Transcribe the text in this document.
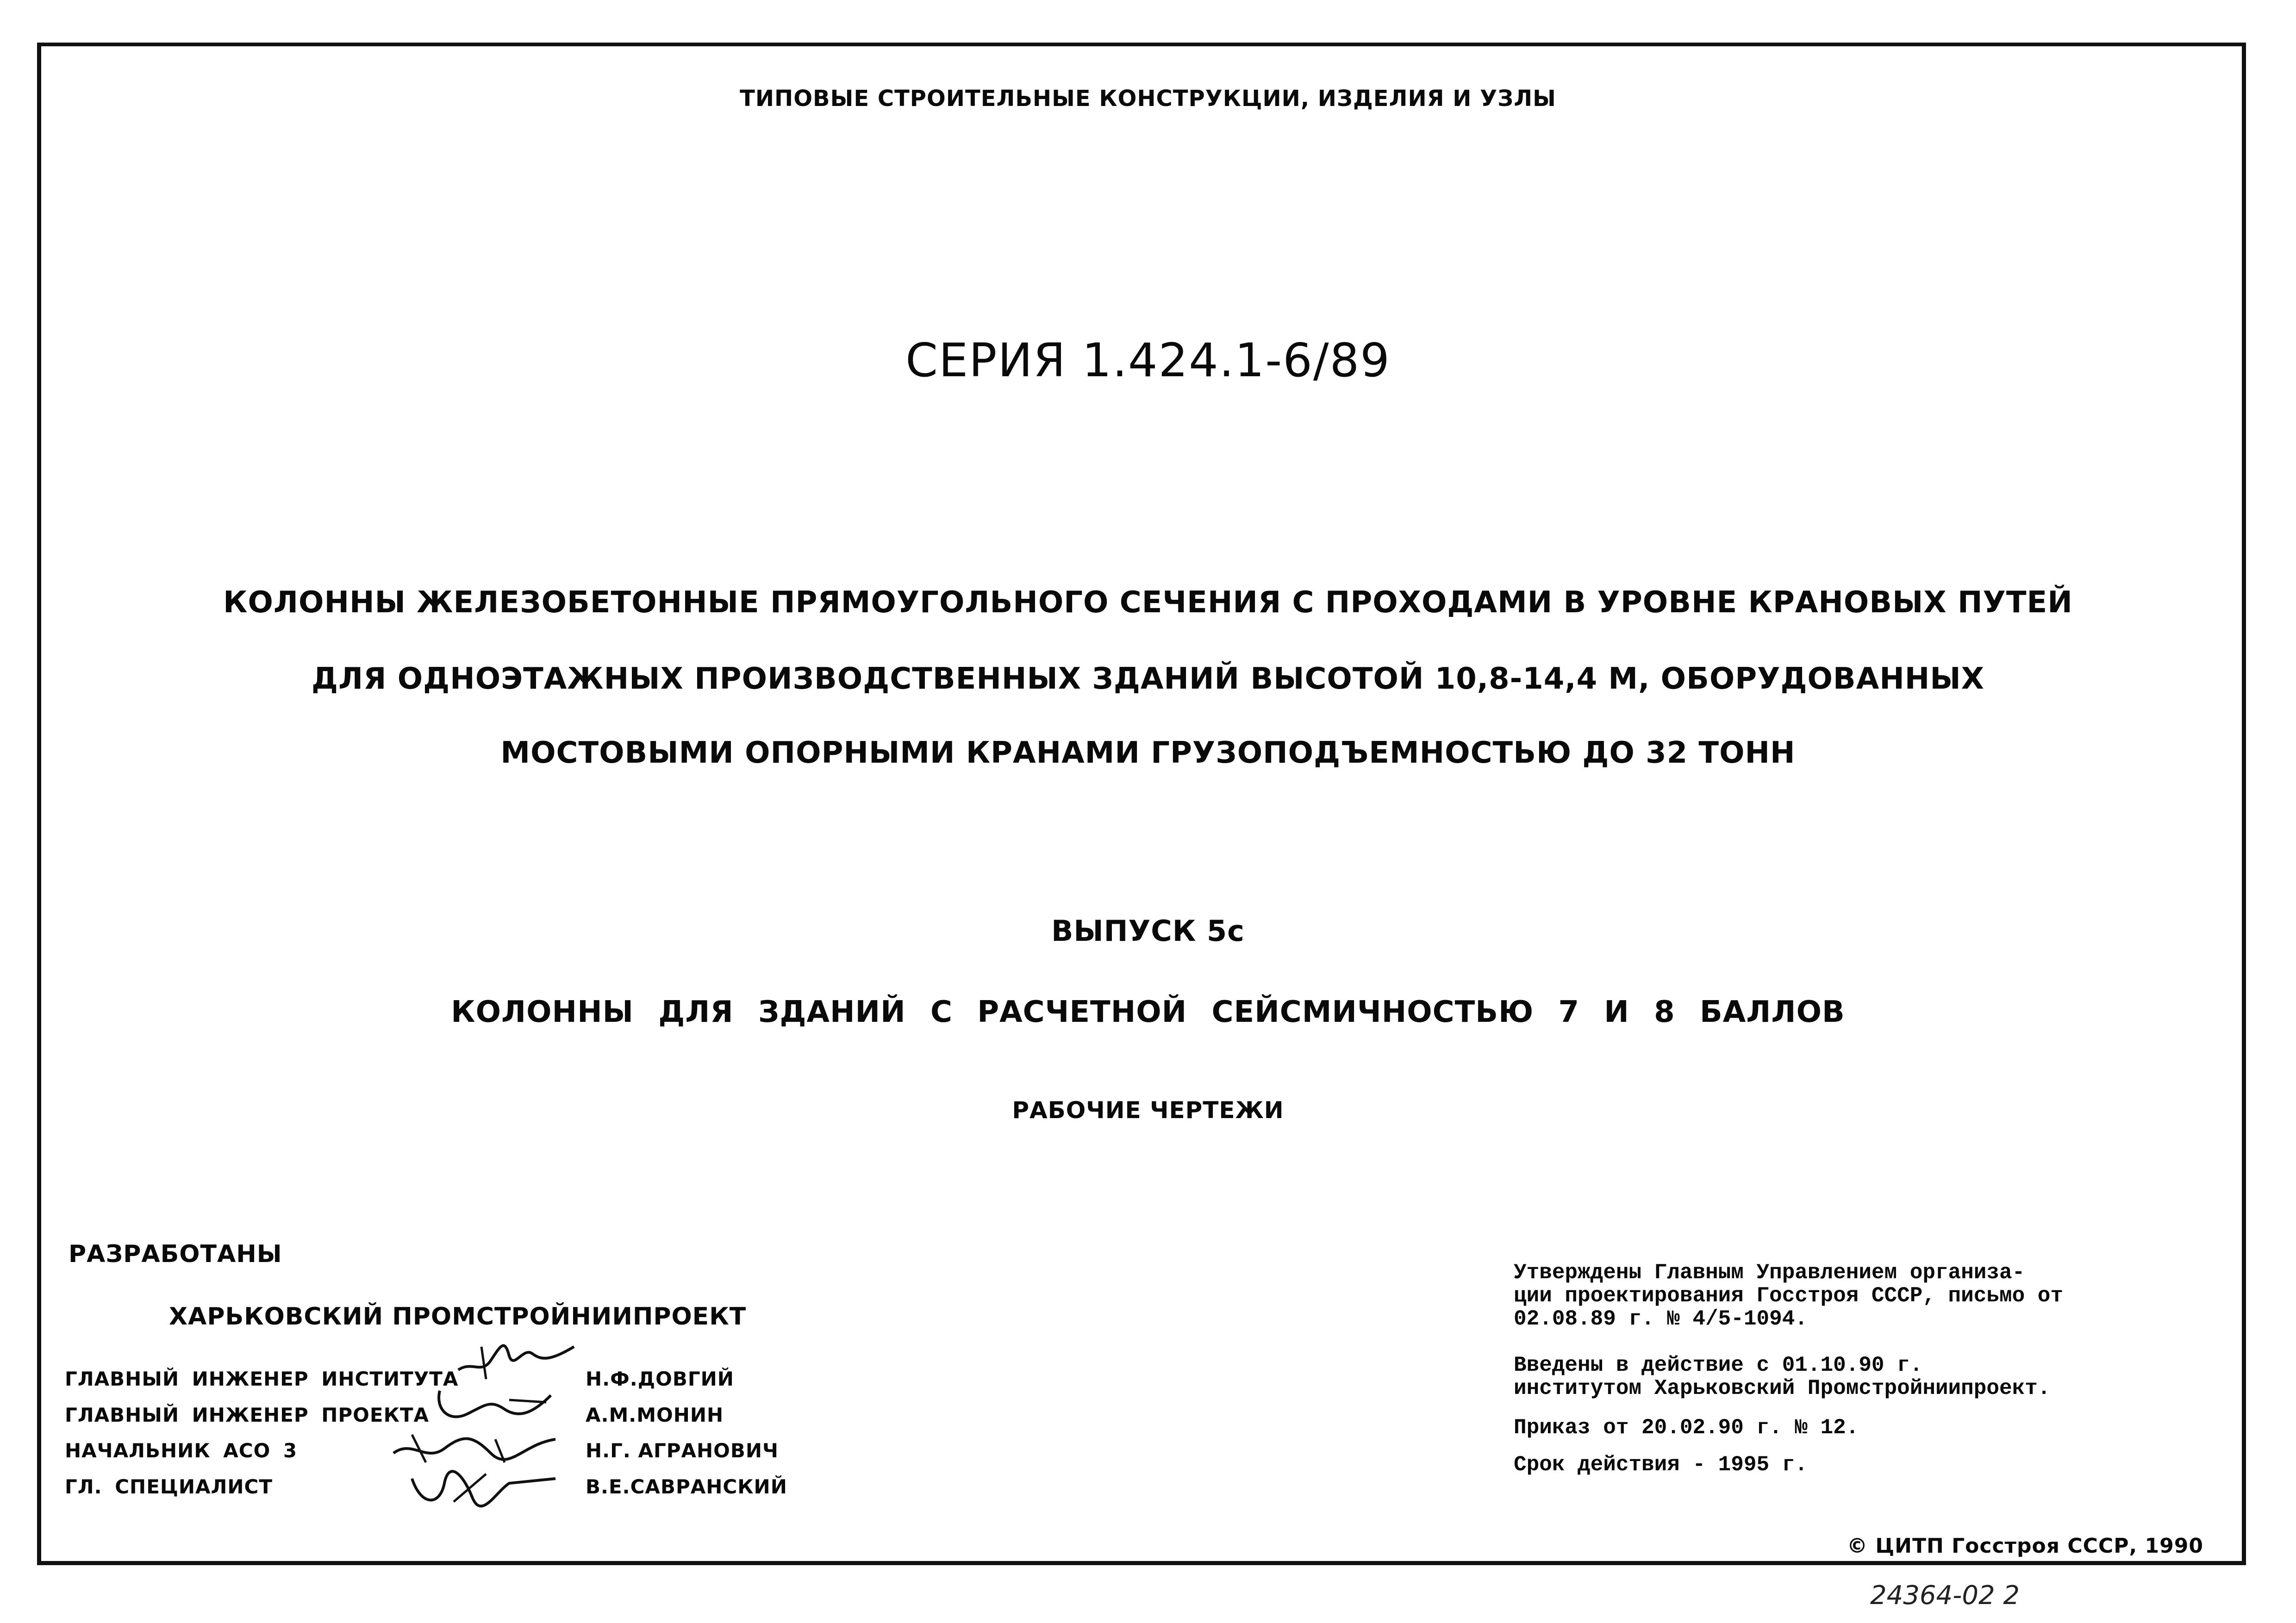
ТИПОВЫЕ СТРОИТЕЛЬНЫЕ КОНСТРУКЦИИ, ИЗДЕЛИЯ И УЗЛЫ
СЕРИЯ 1.424.1-6/89
КОЛОННЫ ЖЕЛЕЗОБЕТОННЫЕ ПРЯМОУГОЛЬНОГО СЕЧЕНИЯ С ПРОХОДАМИ В УРОВНЕ КРАНОВЫХ ПУТЕЙ
ДЛЯ ОДНОЭТАЖНЫХ ПРОИЗВОДСТВЕННЫХ ЗДАНИЙ ВЫСОТОЙ 10,8-14,4 М, ОБОРУДОВАННЫХ
МОСТОВЫМИ ОПОРНЫМИ КРАНАМИ ГРУЗОПОДЪЕМНОСТЬЮ ДО 32 ТОНН
ВЫПУСК 5с
КОЛОННЫ ДЛЯ ЗДАНИЙ С РАСЧЕТНОЙ СЕЙСМИЧНОСТЬЮ 7 И 8 БАЛЛОВ
РАБОЧИЕ ЧЕРТЕЖИ
РАЗРАБОТАНЫ
ХАРЬКОВСКИЙ ПРОМСТРОЙНИИПРОЕКТ
ГЛАВНЫЙ ИНЖЕНЕР ИНСТИТУТА	Н.Ф.ДОВГИЙ
ГЛАВНЫЙ ИНЖЕНЕР ПРОЕКТА	А.М.МОНИН
НАЧАЛЬНИК АСО 3	Н.Г. АГРАНОВИЧ
ГЛ. СПЕЦИАЛИСТ	В.Е.САВРАНСКИЙ
Утверждены Главным Управлением организа-
ции проектирования Госстроя СССР, письмо от
02.08.89 г. № 4/5-1094.
Введены в действие с 01.10.90 г.
институтом Харьковский Промстройниипроект.
Приказ от 20.02.90 г. № 12.
Срок действия - 1995 г.
© ЦИТП Госстроя СССР, 1990
24364-02 2
